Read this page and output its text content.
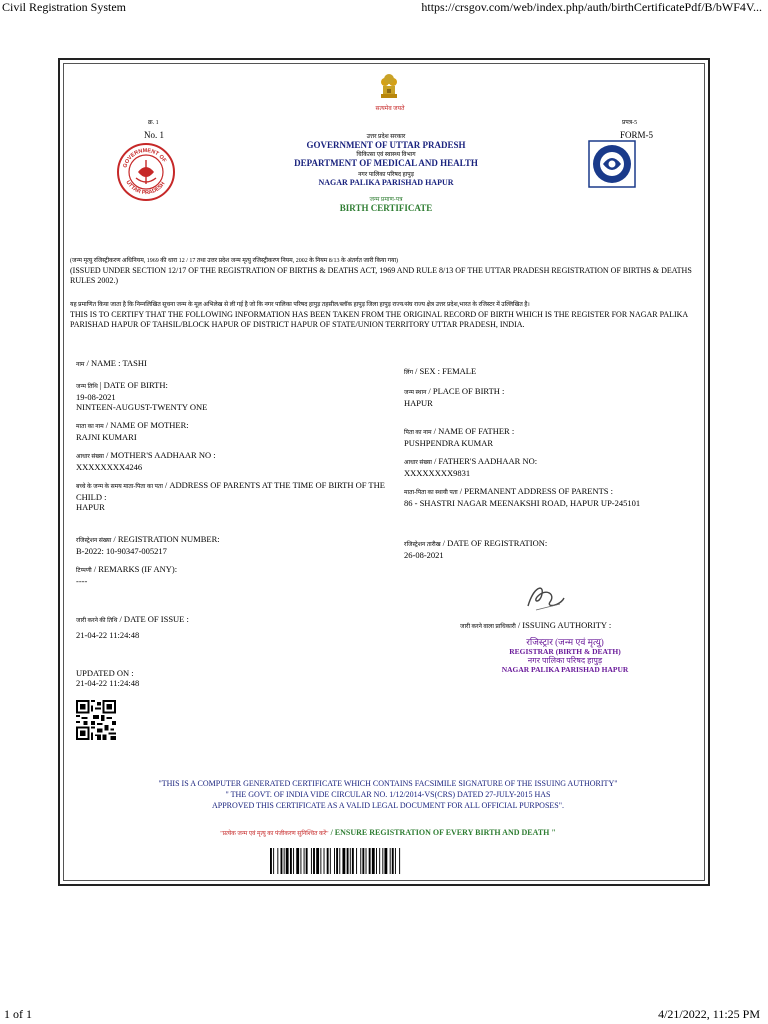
Civil Registration System	https://crsgov.com/web/index.php/auth/birthCertificatePdf/B/bWF4V...
सत्यमेव जयते
क्र. 1
No. 1
प्रपत्र-5
FORM-5
GOVERNMENT OF
UTTAR PRADESH
उत्तर प्रदेश सरकार
GOVERNMENT OF UTTAR PRADESH
चिकित्सा एवं स्वास्थ्य विभाग
DEPARTMENT OF MEDICAL AND HEALTH
नगर पालिका परिषद हापुड़
NAGAR PALIKA PARISHAD HAPUR
जन्म प्रमाण-पत्र
BIRTH CERTIFICATE
(जन्म मृत्यु रजिस्ट्रीकरण अधिनियम, 1969 की धारा 12 / 17 तथा उत्तर प्रदेश जन्म मृत्यु रजिस्ट्रीकरण नियम, 2002 के नियम 8/13 के अंतर्गत जारी किया गया)
(ISSUED UNDER SECTION 12/17 OF THE REGISTRATION OF BIRTHS & DEATHS ACT, 1969 AND RULE 8/13 OF THE UTTAR PRADESH REGISTRATION OF BIRTHS & DEATHS RULES 2002.)
यह प्रमाणित किया जाता है कि निम्नलिखित सूचना जन्म के मूल अभिलेख से ली गई है जो कि नगर पालिका परिषद हापुड़ तहसील/ब्लॉक हापुड़ जिला हापुड़ राज्य/संघ राज्य क्षेत्र उत्तर प्रदेश,भारत के रजिस्टर में उल्लिखित है।
THIS IS TO CERTIFY THAT THE FOLLOWING INFORMATION HAS BEEN TAKEN FROM THE ORIGINAL RECORD OF BIRTH WHICH IS THE REGISTER FOR NAGAR PALIKA PARISHAD HAPUR OF TAHSIL/BLOCK HAPUR OF DISTRICT HAPUR OF STATE/UNION TERRITORY UTTAR PRADESH, INDIA.
नाम / NAME : TASHI
जन्म तिथि | DATE OF BIRTH:
19-08-2021
NINTEEN-AUGUST-TWENTY ONE
माता का नाम / NAME OF MOTHER:
RAJNI KUMARI
आधार संख्या / MOTHER'S AADHAAR NO :
XXXXXXXX4246
बच्चे के जन्म के समय माता-पिता का पता / ADDRESS OF PARENTS AT THE TIME OF BIRTH OF THE CHILD :
HAPUR
रजिस्ट्रेशन संख्या / REGISTRATION NUMBER:
B-2022: 10-90347-005217
टिप्पणी / REMARKS (IF ANY):
----
जारी करने की तिथि / DATE OF ISSUE :
21-04-22 11:24:48
UPDATED ON :
21-04-22 11:24:48
लिंग / SEX : FEMALE
जन्म स्थान / PLACE OF BIRTH :
HAPUR
पिता का नाम / NAME OF FATHER :
PUSHPENDRA KUMAR
आधार संख्या / FATHER'S AADHAAR NO:
XXXXXXXX9831
माता-पिता का स्थायी पता / PERMANENT ADDRESS OF PARENTS :
86 - SHASTRI NAGAR MEENAKSHI ROAD, HAPUR UP-245101
रजिस्ट्रेशन तारीख / DATE OF REGISTRATION:
26-08-2021
जारी करने वाला प्राधिकारी / ISSUING AUTHORITY :
रजिस्ट्रार (जन्म एवं मृत्यु)
REGISTRAR (BIRTH & DEATH)
नगर पालिका परिषद हापुड़
NAGAR PALIKA PARISHAD HAPUR
"THIS IS A COMPUTER GENERATED CERTIFICATE WHICH CONTAINS FACSIMILE SIGNATURE OF THE ISSUING AUTHORITY"
" THE GOVT. OF INDIA VIDE CIRCULAR NO. 1/12/2014-VS(CRS) DATED 27-JULY-2015 HAS
APPROVED THIS CERTIFICATE AS A VALID LEGAL DOCUMENT FOR ALL OFFICIAL PURPOSES".
"प्रत्येक जन्म एवं मृत्यु का पंजीकरण सुनिश्चित करें" / ENSURE REGISTRATION OF EVERY BIRTH AND DEATH "
1 of 1	4/21/2022, 11:25 PM
